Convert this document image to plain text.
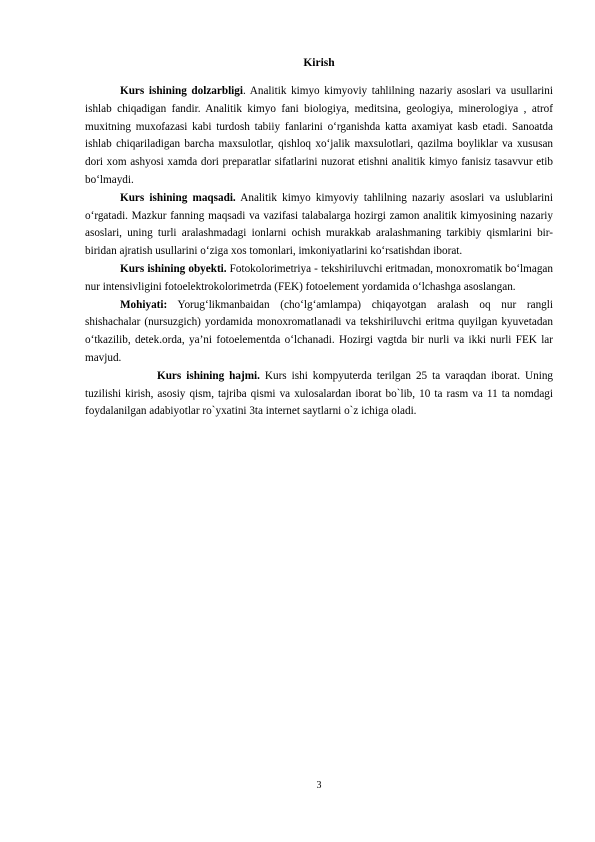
Kirish

Kurs ishining dolzarbligi. Analitik kimyo kimyoviy tahlilning nazariy asoslari va usullarini ishlab chiqadigan fandir. Analitik kimyo fani biologiya, meditsina, geologiya, minerologiya , atrof muxitning muxofazasi kabi turdosh tabiiy fanlarini o‘rganishda katta axamiyat kasb etadi. Sanoatda ishlab chiqariladigan barcha maxsulotlar, qishloq xo‘jalik maxsulotlari, qazilma boyliklar va xususan dori xom ashyosi xamda dori preparatlar sifatlarini nuzorat etishni analitik kimyo fanisiz tasavvur etib bo‘lmaydi.

Kurs ishining maqsadi. Analitik kimyo kimyoviy tahlilning nazariy asoslari va uslublarini o‘rgatadi. Mazkur fanning maqsadi va vazifasi talabalarga hozirgi zamon analitik kimyosining nazariy asoslari, uning turli aralashmadagi ionlarni ochish murakkab aralashmaning tarkibiy qismlarini bir-biridan ajratish usullarini o‘ziga xos tomonlari, imkoniyatlarini ko‘rsatishdan iborat.

Kurs ishining obyekti. Fotokolorimetriya - tekshiriluvchi eritmadan, monoxromatik bo‘lmagan nur intensivligini fotoelektrokolorimetrda (FEK) fotoelement yordamida o‘lchashga asoslangan.

Mohiyati: Yorug‘likmanbaidan (cho‘lg‘amlampa) chiqayotgan aralash oq nur rangli shishachalar (nursuzgich) yordamida monoxromatlanadi va tekshiriluvchi eritma quyilgan kyuvetadan o‘tkazilib, detek.orda, ya’ni fotoelementda o‘lchanadi. Hozirgi vagtda bir nurli va ikki nurli FEK lar mavjud.

Kurs ishining hajmi. Kurs ishi kompyuterda terilgan 25 ta varaqdan iborat. Uning tuzilishi kirish, asosiy qism, tajriba qismi va xulosalardan iborat bo`lib, 10 ta rasm va 11 ta nomdagi foydalanilgan adabiyotlar ro`yxatini 3ta internet saytlarni o`z ichiga oladi.

3
